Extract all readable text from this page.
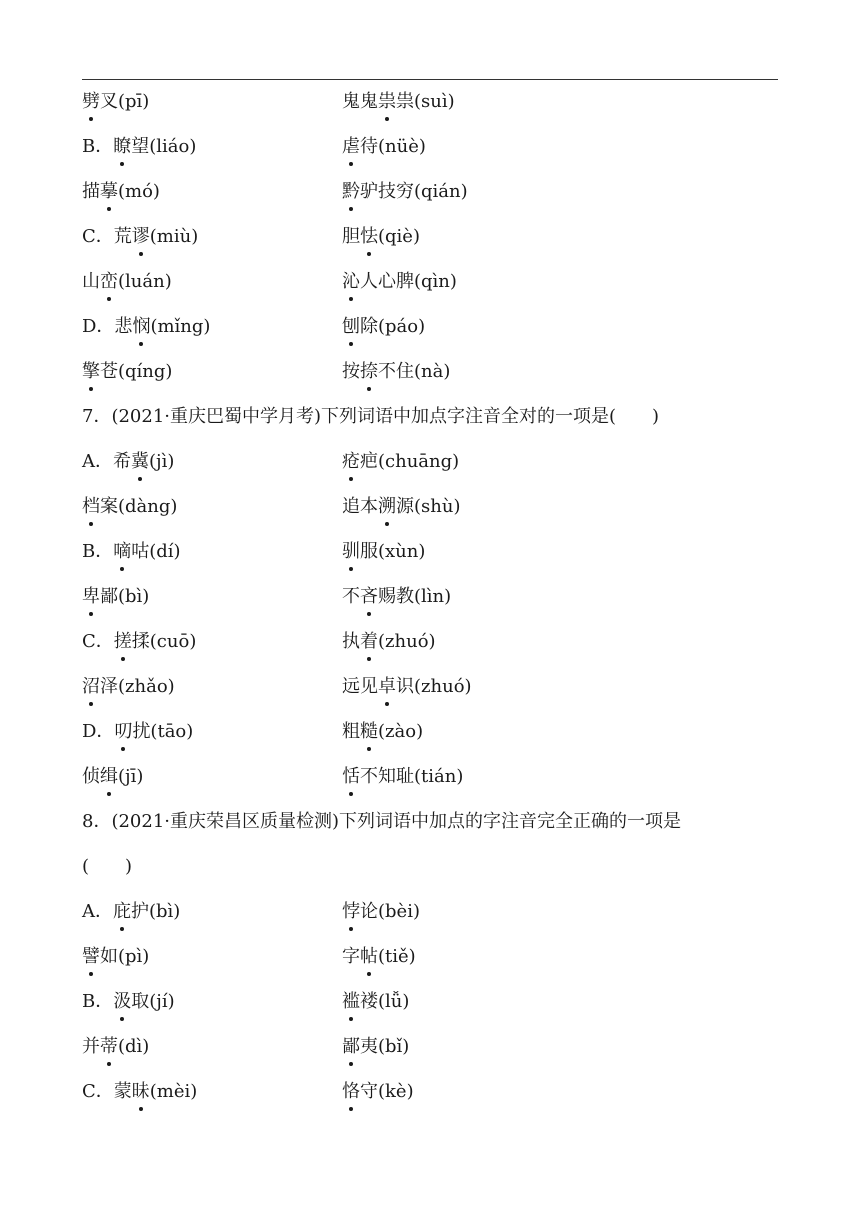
劈叉(pī)	鬼鬼祟祟(suì)
B．瞭望(liáo)	虐待(nüè)
描摹(mó)	黔驴技穷(qián)
C．荒谬(miù)	胆怯(qiè)
山峦(luán)	沁人心脾(qìn)
D．悲悯(mǐng)	刨除(páo)
擎苍(qíng)	按捺不住(nà)
7．(2021·重庆巴蜀中学月考)下列词语中加点字注音全对的一项是(　　)
A．希冀(jì)	疮疤(chuāng)
档案(dàng)	追本溯源(shù)
B．嘀咕(dí)	驯服(xùn)
卑鄙(bì)	不吝赐教(lìn)
C．搓揉(cuō)	执着(zhuó)
沼泽(zhǎo)	远见卓识(zhuó)
D．叨扰(tāo)	粗糙(zào)
侦缉(jī)	恬不知耻(tián)
8．(2021·重庆荣昌区质量检测)下列词语中加点的字注音完全正确的一项是
(　　)
A．庇护(bì)	悖论(bèi)
譬如(pì)	字帖(tiě)
B．汲取(jí)	褴褛(lǚ)
并蒂(dì)	鄙夷(bǐ)
C．蒙昧(mèi)	恪守(kè)
